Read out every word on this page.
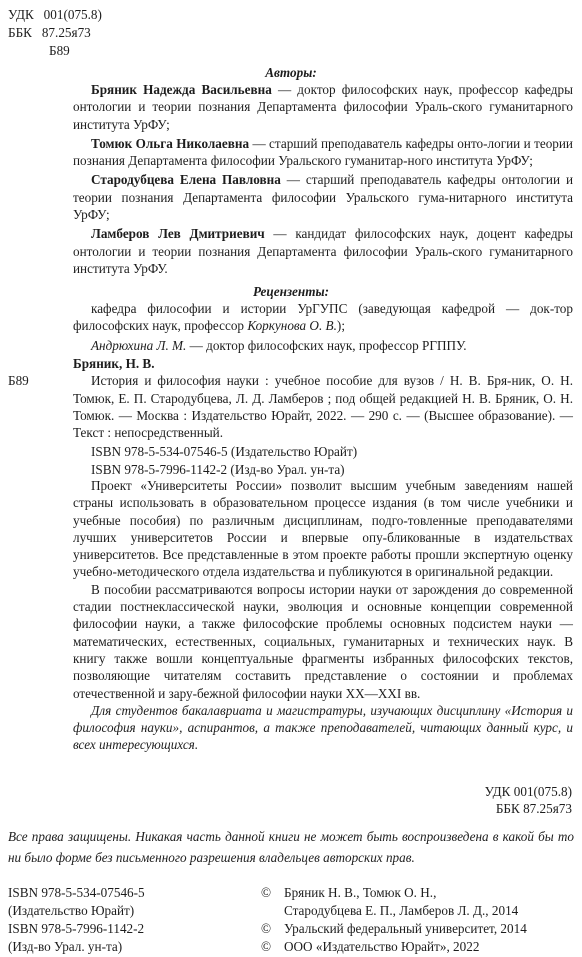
УДК   001(075.8)
ББК   87.25я73
Б89
Авторы:

Бряник Надежда Васильевна — доктор философских наук, профессор кафедры онтологии и теории познания Департамента философии Ураль-ского гуманитарного института УрФУ;

Томюк Ольга Николаевна — старший преподаватель кафедры онто-логии и теории познания Департамента философии Уральского гуманитар-ного института УрФУ;

Стародубцева Елена Павловна — старший преподаватель кафедры онтологии и теории познания Департамента философии Уральского гума-нитарного института УрФУ;

Ламберов Лев Дмитриевич — кандидат философских наук, доцент кафедры онтологии и теории познания Департамента философии Ураль-ского гуманитарного института УрФУ.

Рецензенты:

кафедра философии и истории УрГУПС (заведующая кафедрой — док-тор философских наук, профессор Коркунова О. В.);

Андрюхина Л. М. — доктор философских наук, профессор РГППУ.

Б89
Бряник, Н. В.

История и философия науки : учебное пособие для вузов / Н. В. Бря-ник, О. Н. Томюк, Е. П. Стародубцева, Л. Д. Ламберов ; под общей редакцией Н. В. Бряник, О. Н. Томюк. — Москва : Издательство Юрайт, 2022. — 290 с. — (Высшее образование). — Текст : непосредственный.

ISBN 978-5-534-07546-5 (Издательство Юрайт)
ISBN 978-5-7996-1142-2 (Изд-во Урал. ун-та)

Проект «Университеты России» позволит высшим учебным заведениям нашей страны использовать в образовательном процессе издания (в том числе учебники и учебные пособия) по различным дисциплинам, подго-товленные преподавателями лучших университетов России и впервые опу-бликованные в издательствах университетов. Все представленные в этом проекте работы прошли экспертную оценку учебно-методического отдела издательства и публикуются в оригинальной редакции.

В пособии рассматриваются вопросы истории науки от зарождения до современной стадии постнеклассической науки, эволюция и основные концепции современной философии науки, а также философские проблемы основных подсистем науки — математических, естественных, социальных, гуманитарных и технических наук. В книгу также вошли концептуальные фрагменты избранных философских текстов, позволяющие читателям составить представление о состоянии и проблемах отечественной и зару-бежной философии науки XX—XXI вв.

Для студентов бакалавриата и магистратуры, изучающих дисциплину «История и философия науки», аспирантов, а также преподавателей, читающих данный курс, и всех интересующихся.

УДК 001(075.8)
ББК 87.25я73
Все права защищены. Никакая часть данной книги не может быть воспроизведена в какой бы то ни было форме без письменного разрешения владельцев авторских прав.
ISBN 978-5-534-07546-5
(Издательство Юрайт)
ISBN 978-5-7996-1142-2
(Изд-во Урал. ун-та)
© Бряник Н. В., Томюк О. Н.,
Стародубцева Е. П., Ламберов Л. Д., 2014
© Уральский федеральный университет, 2014
© ООО «Издательство Юрайт», 2022
